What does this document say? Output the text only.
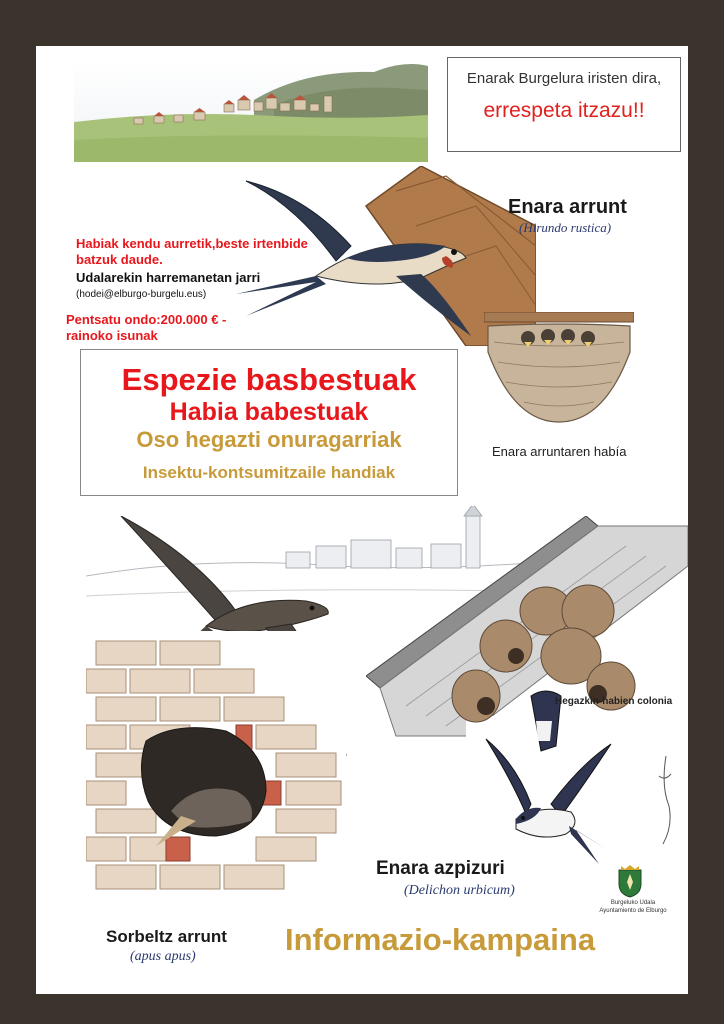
Enarak Burgelura iristen dira,
errespeta itzazu!!
Enara arrunt
(Hirundo rustica)
Habiak kendu aurretik,beste irtenbide
batzuk daude.
Udalarekin harremanetan jarri
(hodei@elburgo-burgelu.eus)
Pentsatu ondo:200.000 € -
rainoko isunak
Enara arruntaren había
Espezie basbestuak
Habia babestuak
Oso hegazti onuragarriak
Insektu-kontsumitzaile handiak
Hegazkin-habien colonia
Enara azpizuri
(Delichon urbicum)
Burgeluko Udala
Ayuntamiento de Elburgo
Sorbeltz arrunt
(apus apus)	Informazio-kampaina
